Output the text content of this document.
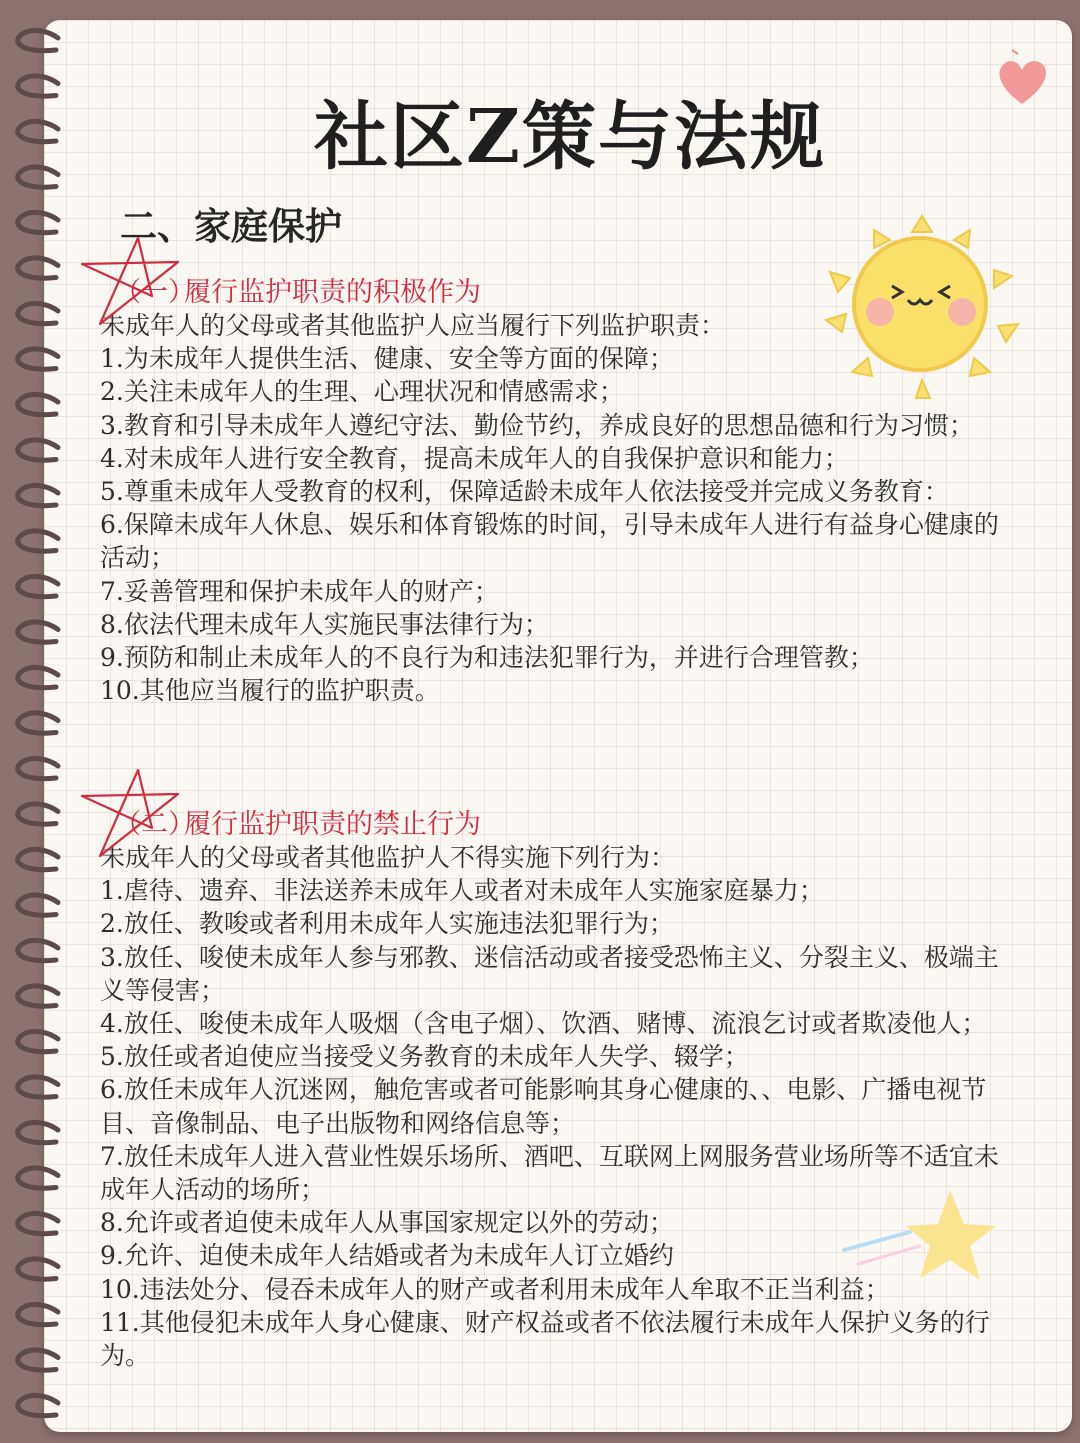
社区Z策与法规
二、家庭保护
（一）
履行监护职责的积极作为
未成年人的父母或者其他监护人应当履行下列监护职责：
1.为未成年人提供生活、健康、安全等方面的保障；
2.关注未成年人的生理、心理状况和情感需求；
3.教育和引导未成年人遵纪守法、勤俭节约，养成良好的思想品德和行为习惯；
4.对未成年人进行安全教育，提高未成年人的自我保护意识和能力；
5.尊重未成年人受教育的权利，保障适龄未成年人依法接受并完成义务教育：
6.保障未成年人休息、娱乐和体育锻炼的时间，引导未成年人进行有益身心健康的活动；
7.妥善管理和保护未成年人的财产；
8.依法代理未成年人实施民事法律行为；
9.预防和制止未成年人的不良行为和违法犯罪行为，并进行合理管教；
10.其他应当履行的监护职责。
（二）
履行监护职责的禁止行为
未成年人的父母或者其他监护人不得实施下列行为：
1.虐待、遗弃、非法送养未成年人或者对未成年人实施家庭暴力；
2.放任、教唆或者利用未成年人实施违法犯罪行为；
3.放任、唆使未成年人参与邪教、迷信活动或者接受恐怖主义、分裂主义、极端主义等侵害；
4.放任、唆使未成年人吸烟（含电子烟）、饮酒、赌博、流浪乞讨或者欺凌他人；
5.放任或者迫使应当接受义务教育的未成年人失学、辍学；
6.放任未成年人沉迷网，触危害或者可能影响其身心健康的、、电影、广播电视节目、音像制品、电子出版物和网络信息等；
7.放任未成年人进入营业性娱乐场所、酒吧、互联网上网服务营业场所等不适宜未成年人活动的场所；
8.允许或者迫使未成年人从事国家规定以外的劳动；
9.允许、迫使未成年人结婚或者为未成年人订立婚约
10.违法处分、侵吞未成年人的财产或者利用未成年人牟取不正当利益；
11.其他侵犯未成年人身心健康、财产权益或者不依法履行未成年人保护义务的行为。
